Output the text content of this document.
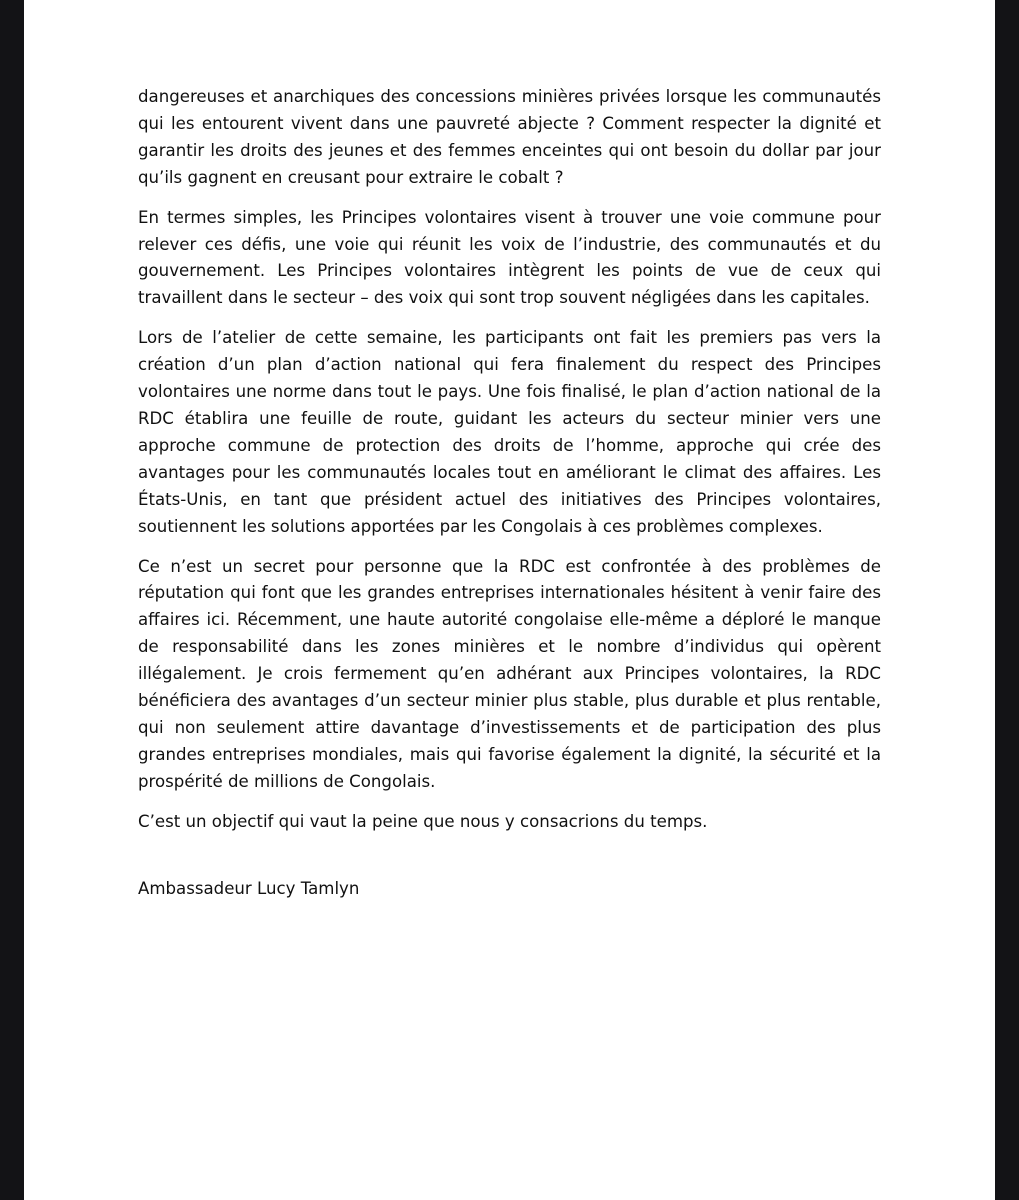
dangereuses et anarchiques des concessions minières privées lorsque les communautés qui les entourent vivent dans une pauvreté abjecte ? Comment respecter la dignité et garantir les droits des jeunes et des femmes enceintes qui ont besoin du dollar par jour qu’ils gagnent en creusant pour extraire le cobalt ?

En termes simples, les Principes volontaires visent à trouver une voie commune pour relever ces défis, une voie qui réunit les voix de l’industrie, des communautés et du gouvernement. Les Principes volontaires intègrent les points de vue de ceux qui travaillent dans le secteur – des voix qui sont trop souvent négligées dans les capitales.

Lors de l’atelier de cette semaine, les participants ont fait les premiers pas vers la création d’un plan d’action national qui fera finalement du respect des Principes volontaires une norme dans tout le pays. Une fois finalisé, le plan d’action national de la RDC établira une feuille de route, guidant les acteurs du secteur minier vers une approche commune de protection des droits de l’homme, approche qui crée des avantages pour les communautés locales tout en améliorant le climat des affaires. Les États-Unis, en tant que président actuel des initiatives des Principes volontaires, soutiennent les solutions apportées par les Congolais à ces problèmes complexes.

Ce n’est un secret pour personne que la RDC est confrontée à des problèmes de réputation qui font que les grandes entreprises internationales hésitent à venir faire des affaires ici. Récemment, une haute autorité congolaise elle-même a déploré le manque de responsabilité dans les zones minières et le nombre d’individus qui opèrent illégalement. Je crois fermement qu’en adhérant aux Principes volontaires, la RDC bénéficiera des avantages d’un secteur minier plus stable, plus durable et plus rentable, qui non seulement attire davantage d’investissements et de participation des plus grandes entreprises mondiales, mais qui favorise également la dignité, la sécurité et la prospérité de millions de Congolais.

C’est un objectif qui vaut la peine que nous y consacrions du temps.

Ambassadeur Lucy Tamlyn
